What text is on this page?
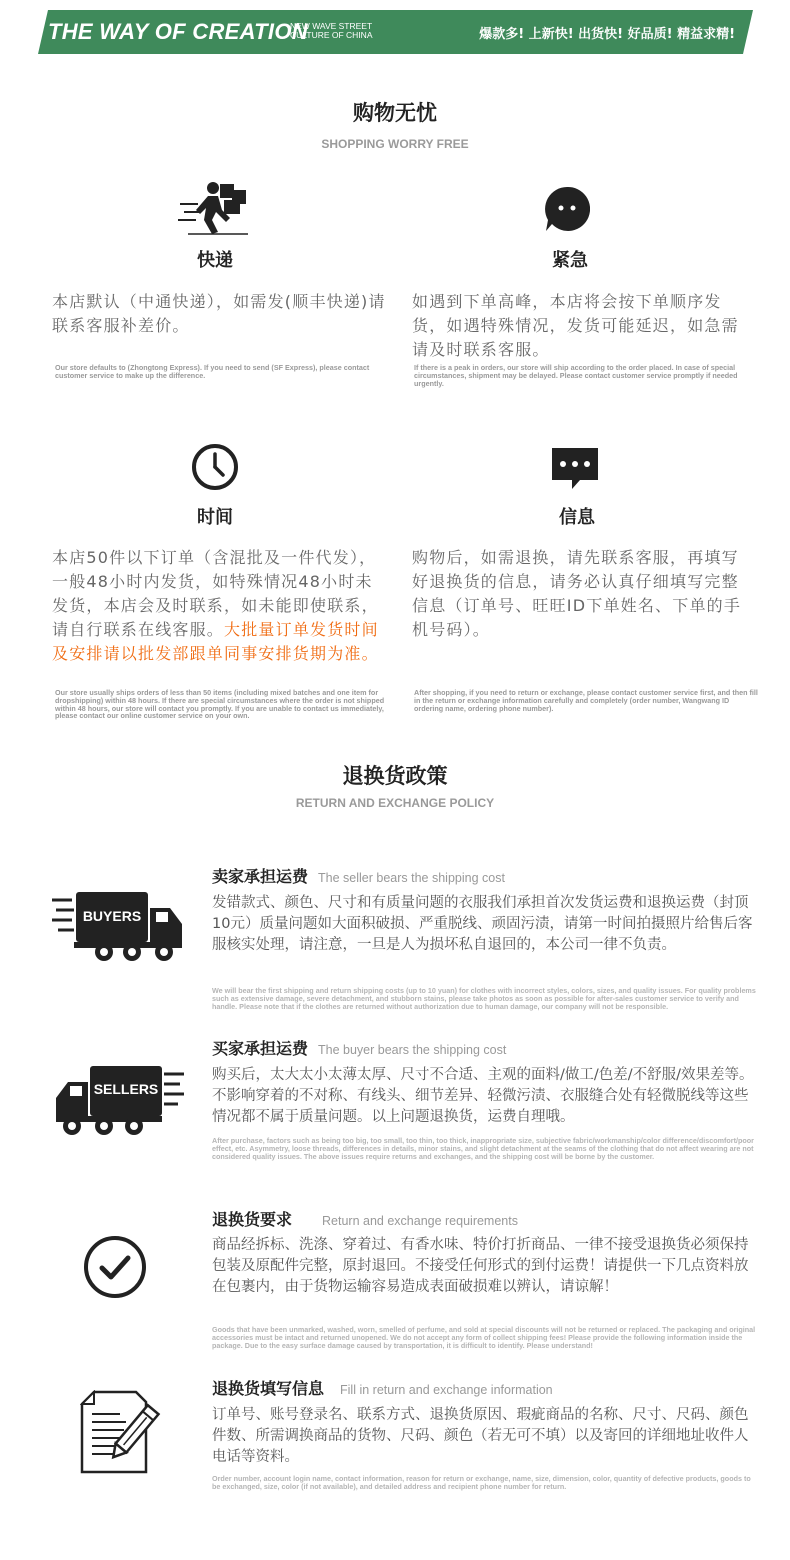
THE WAY OF CREATION
NEW WAVE STREET
CULTURE OF CHINA	爆款多! 上新快! 出货快! 好品质! 精益求精!
购物无忧
SHOPPING WORRY FREE
快递
本店默认（中通快递），如需发(顺丰快递)请联系客服补差价。
Our store defaults to (Zhongtong Express). If you need to send (SF Express), please contact customer service to make up the difference.
紧急
如遇到下单高峰，本店将会按下单顺序发货，如遇特殊情况，发货可能延迟，如急需请及时联系客服。
If there is a peak in orders, our store will ship according to the order placed. In case of special circumstances, shipment may be delayed. Please contact customer service promptly if needed urgently.
时间
本店50件以下订单（含混批及一件代发），一般48小时内发货，如特殊情况48小时未发货，本店会及时联系，如未能即使联系，请自行联系在线客服。大批量订单发货时间及安排请以批发部跟单同事安排货期为准。
Our store usually ships orders of less than 50 items (including mixed batches and one item for dropshipping) within 48 hours. If there are special circumstances where the order is not shipped within 48 hours, our store will contact you promptly. If you are unable to contact us immediately, please contact our online customer service on your own.
信息
购物后，如需退换，请先联系客服，再填写好退换货的信息，请务必认真仔细填写完整信息（订单号、旺旺ID下单姓名、下单的手机号码）。
After shopping, if you need to return or exchange, please contact customer service first, and then fill in the return or exchange information carefully and completely (order number, Wangwang ID ordering name, ordering phone number).
退换货政策
RETURN AND EXCHANGE POLICY
BUYERS
卖家承担运费 The seller bears the shipping cost
发错款式、颜色、尺寸和有质量问题的衣服我们承担首次发货运费和退换运费（封顶10元）质量问题如大面积破损、严重脱线、顽固污渍，请第一时间拍摄照片给售后客服核实处理，请注意，一旦是人为损坏私自退回的，本公司一律不负责。
We will bear the first shipping and return shipping costs (up to 10 yuan) for clothes with incorrect styles, colors, sizes, and quality issues. For quality problems such as extensive damage, severe detachment, and stubborn stains, please take photos as soon as possible for after-sales customer service to verify and handle. Please note that if the clothes are returned without authorization due to human damage, our company will not be responsible.
SELLERS
买家承担运费 The buyer bears the shipping cost
购买后，太大太小太薄太厚、尺寸不合适、主观的面料/做工/色差/不舒服/效果差等。不影响穿着的不对称、有线头、细节差异、轻微污渍、衣服缝合处有轻微脱线等这些情况都不属于质量问题。以上问题退换货，运费自理哦。
After purchase, factors such as being too big, too small, too thin, too thick, inappropriate size, subjective fabric/workmanship/color difference/discomfort/poor effect, etc. Asymmetry, loose threads, differences in details, minor stains, and slight detachment at the seams of the clothing that do not affect wearing are not considered quality issues. The above issues require returns and exchanges, and the shipping cost will be borne by the customer.
退换货要求 Return and exchange requirements
商品经拆标、洗涤、穿着过、有香水味、特价打折商品、一律不接受退换货必须保持包装及原配件完整，原封退回。不接受任何形式的到付运费！请提供一下几点资料放在包裹内，由于货物运输容易造成表面破损难以辨认，请谅解！
Goods that have been unmarked, washed, worn, smelled of perfume, and sold at special discounts will not be returned or replaced. The packaging and original accessories must be intact and returned unopened. We do not accept any form of collect shipping fees! Please provide the following information inside the package. Due to the easy surface damage caused by transportation, it is difficult to identify. Please understand!
退换货填写信息 Fill in return and exchange information
订单号、账号登录名、联系方式、退换货原因、瑕疵商品的名称、尺寸、尺码、颜色件数、所需调换商品的货物、尺码、颜色（若无可不填）以及寄回的详细地址收件人电话等资料。
Order number, account login name, contact information, reason for return or exchange, name, size, dimension, color, quantity of defective products, goods to be exchanged, size, color (if not available), and detailed address and recipient phone number for return.
